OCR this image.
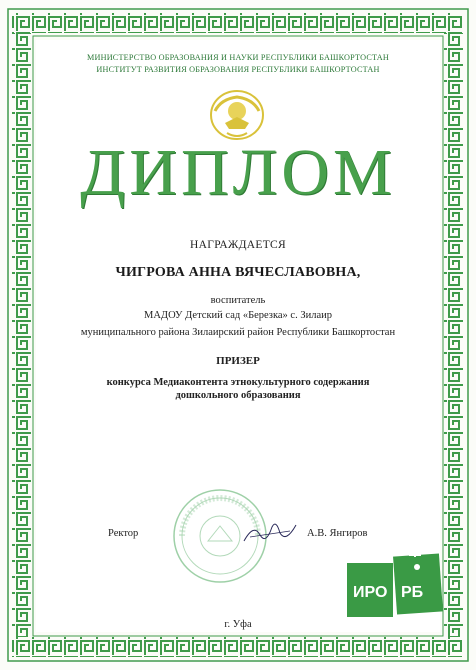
МИНИСТЕРСТВО ОБРАЗОВАНИЯ И НАУКИ РЕСПУБЛИКИ БАШКОРТОСТАН
ИНСТИТУТ РАЗВИТИЯ ОБРАЗОВАНИЯ РЕСПУБЛИКИ БАШКОРТОСТАН
ДИПЛОМ
НАГРАЖДАЕТСЯ
ЧИГРОВА АННА ВЯЧЕСЛАВОВНА,
воспитатель
МАДОУ Детский сад «Березка» с. Зилаир
муниципального района Зилаирский район Республики Башкортостан
ПРИЗЕР
конкурса Медиаконтента этнокультурного содержания
дошкольного образования
Ректор	А.В. Янгиров
ИРО РБ
г. Уфа
